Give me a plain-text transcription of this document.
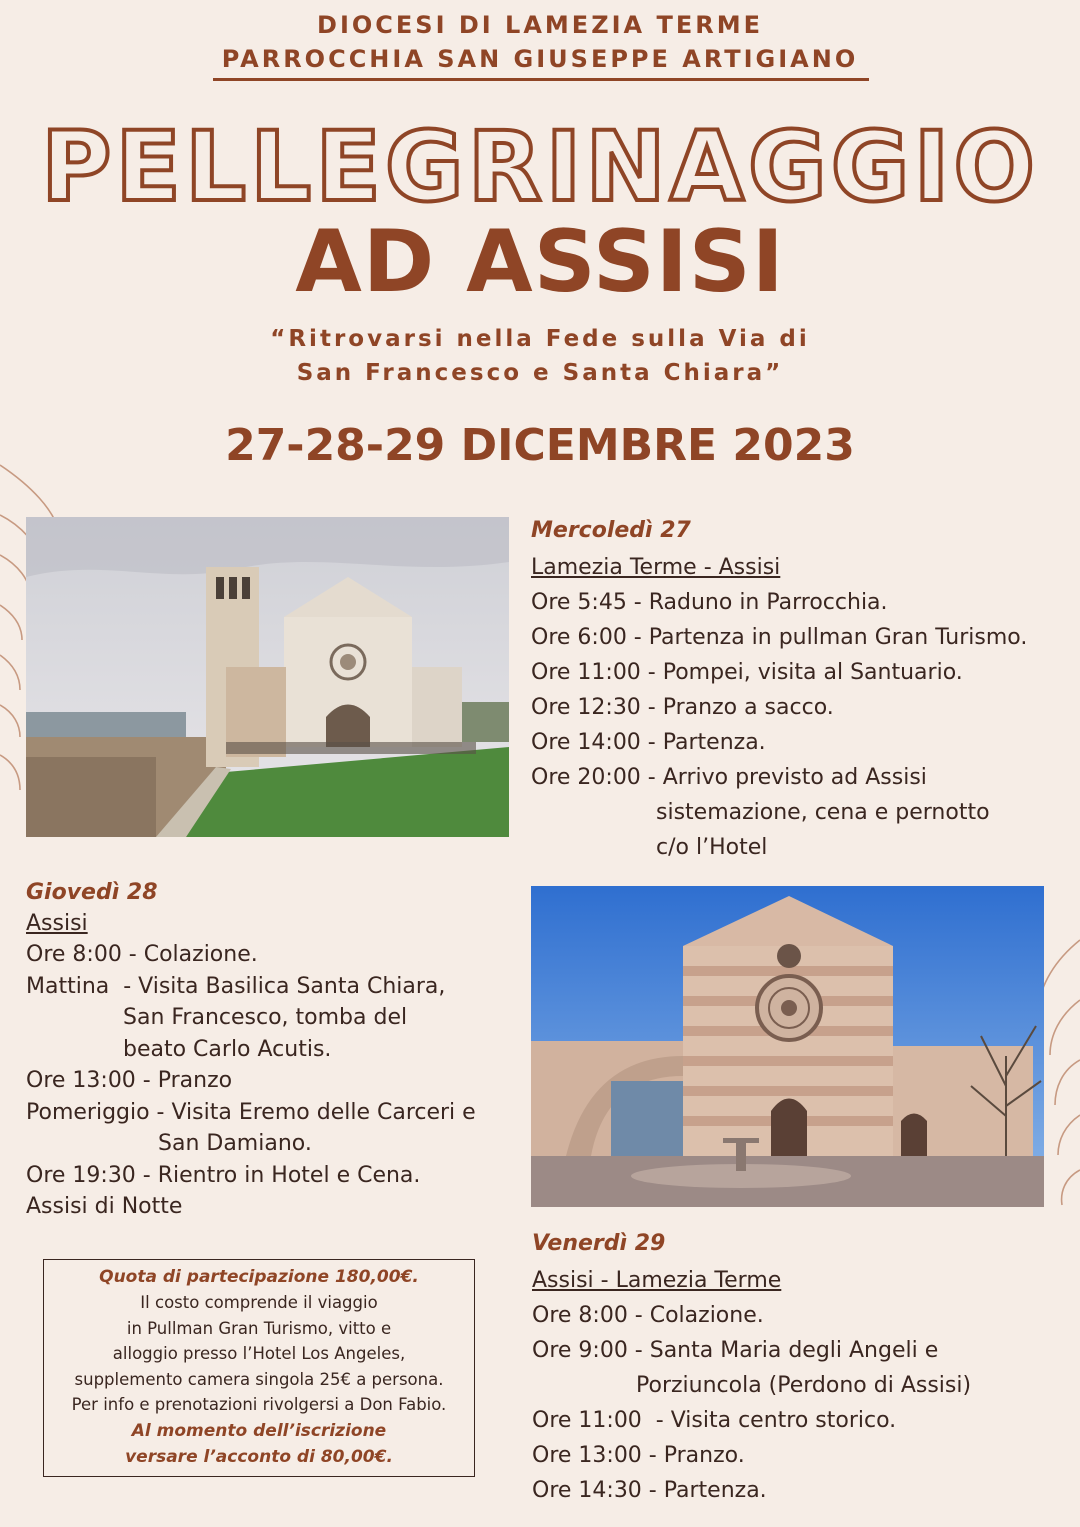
DIOCESI DI LAMEZIA TERME
PARROCCHIA SAN GIUSEPPE ARTIGIANO
PELLEGRINAGGIO
AD ASSISI
“Ritrovarsi nella Fede sulla Via di
San Francesco e Santa Chiara”
27-28-29 DICEMBRE 2023
Mercoledì 27
Lamezia Terme - Assisi
Ore 5:45 - Raduno in Parrocchia.
Ore 6:00 - Partenza in pullman Gran Turismo.
Ore 11:00 - Pompei, visita al Santuario.
Ore 12:30 - Pranzo a sacco.
Ore 14:00 - Partenza.
Ore 20:00 - Arrivo previsto ad Assisi
sistemazione, cena e pernotto
c/o l’Hotel
Giovedì 28
Assisi
Ore 8:00 - Colazione.
Mattina  - Visita Basilica Santa Chiara,
San Francesco, tomba del
beato Carlo Acutis.
Ore 13:00 - Pranzo
Pomeriggio - Visita Eremo delle Carceri e
San Damiano.
Ore 19:30 - Rientro in Hotel e Cena.
Assisi di Notte
Venerdì 29
Assisi - Lamezia Terme
Ore 8:00 - Colazione.
Ore 9:00 - Santa Maria degli Angeli e
Porziuncola (Perdono di Assisi)
Ore 11:00  - Visita centro storico.
Ore 13:00 - Pranzo.
Ore 14:30 - Partenza.
Quota di partecipazione 180,00€.
Il costo comprende il viaggio
in Pullman Gran Turismo, vitto e
alloggio presso l’Hotel Los Angeles,
supplemento camera singola 25€ a persona.
Per info e prenotazioni rivolgersi a Don Fabio.
Al momento dell’iscrizione
versare l’acconto di 80,00€.
